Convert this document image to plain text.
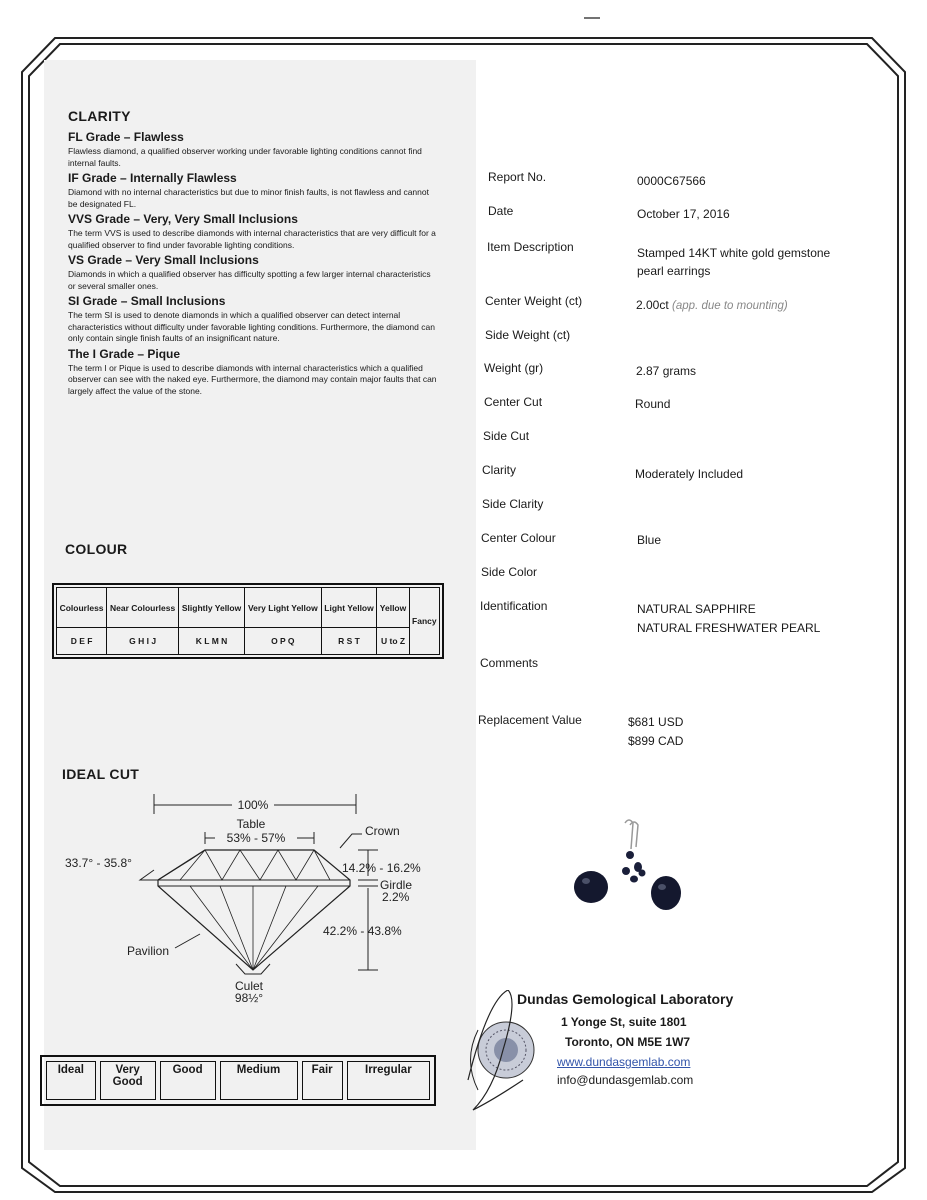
CLARITY
FL Grade – Flawless
Flawless diamond, a qualified observer working under favorable lighting conditions cannot find internal faults.
IF Grade – Internally Flawless
Diamond with no internal characteristics but due to minor finish faults, is not flawless and cannot be designated FL.
VVS Grade – Very, Very Small Inclusions
The term VVS is used to describe diamonds with internal characteristics that are very difficult for a qualified observer to find under favorable lighting conditions.
VS Grade – Very Small Inclusions
Diamonds in which a qualified observer has difficulty spotting a few larger internal characteristics or several smaller ones.
SI Grade – Small Inclusions
The term SI is used to denote diamonds in which a qualified observer can detect internal characteristics without difficulty under favorable lighting conditions. Furthermore, the diamond can only contain single finish faults of an insignificant nature.
The I Grade – Pique
The term I or Pique is used to describe diamonds with internal characteristics which a qualified observer can see with the naked eye. Furthermore, the diamond may contain major faults that can largely affect the value of the stone.
COLOUR
Colourless	Near Colourless	Slightly Yellow	Very Light Yellow	Light Yellow	Yellow	Fancy
D E F	G H I J	K L M N	O P Q	R S T	U to Z	
IDEAL CUT
100%
Table
53% - 57%	Crown
33.7° - 35.8°	14.2% - 16.2%
Girdle
2.2%
42.2% - 43.8%
Pavilion
Culet
98½°
Ideal	Very Good	Good	Medium	Fair	Irregular
Report No.	0000C67566
Date	October 17, 2016
Item Description	Stamped 14KT white gold gemstone pearl earrings
Center Weight (ct)	2.00ct (app. due to mounting)
Side Weight (ct)
Weight (gr)	2.87 grams
Center Cut	Round
Side Cut
Clarity	Moderately Included
Side Clarity
Center Colour	Blue
Side Color
Identification	NATURAL SAPPHIRE
NATURAL FRESHWATER PEARL
Comments
Replacement Value	$681 USD
$899 CAD
Dundas Gemological Laboratory
1 Yonge St, suite 1801
Toronto, ON M5E 1W7
www.dundasgemlab.com
info@dundasgemlab.com
